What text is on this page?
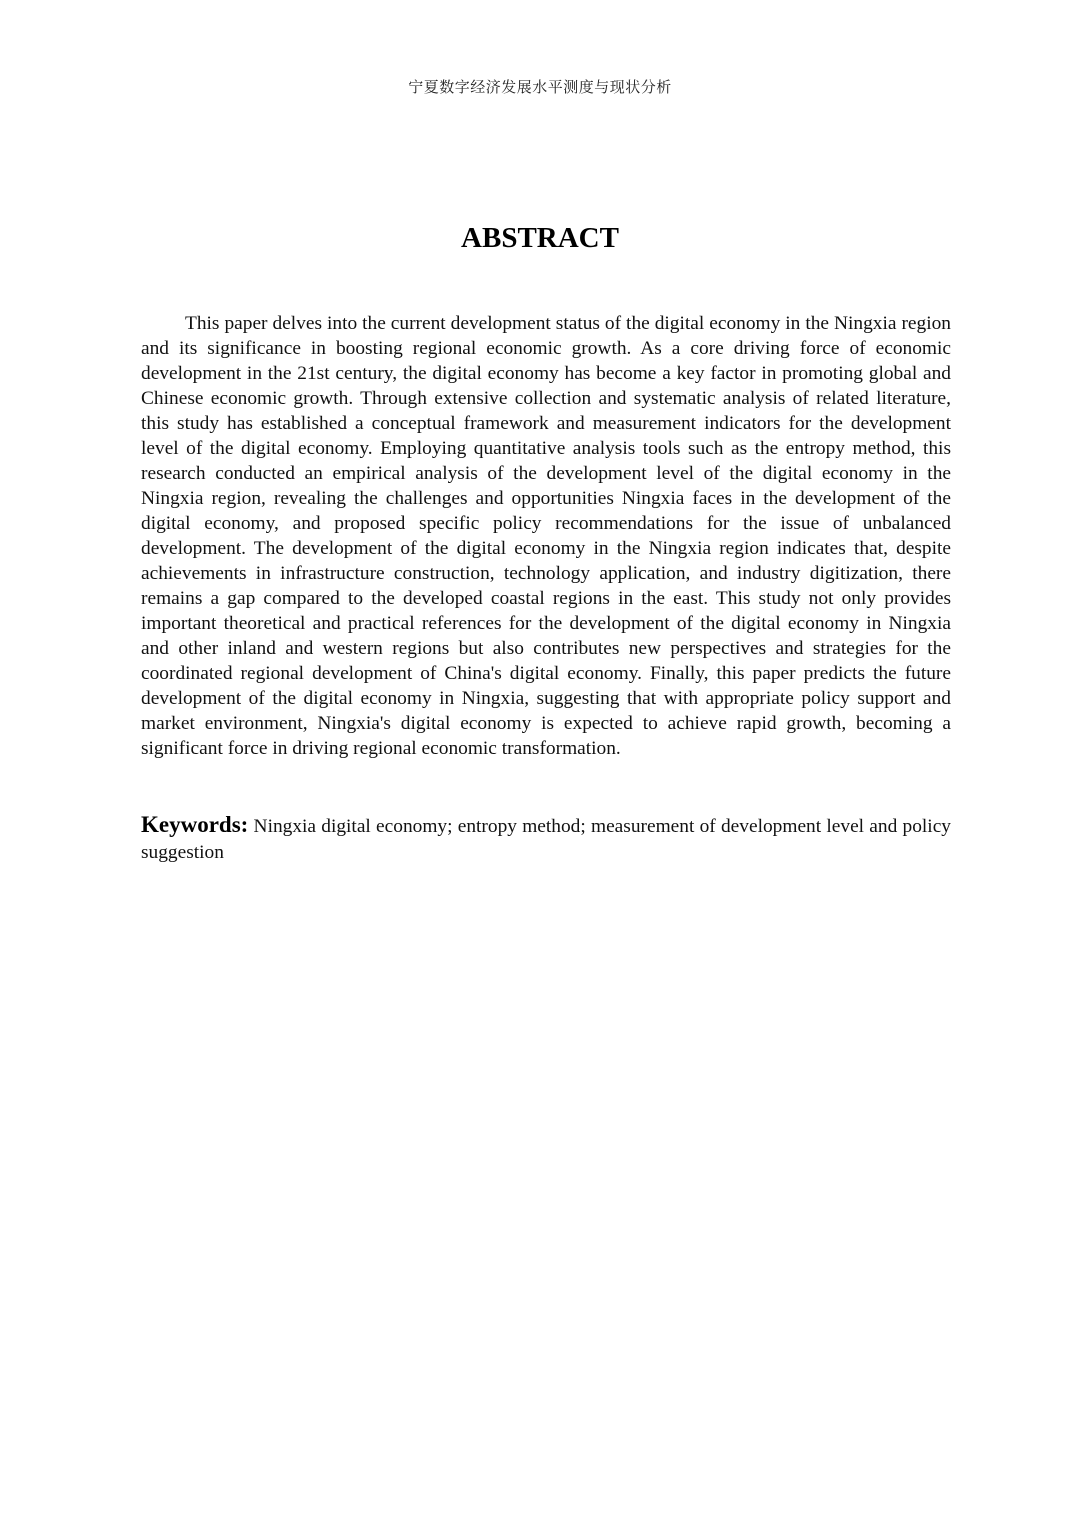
宁夏数字经济发展水平测度与现状分析
ABSTRACT

This paper delves into the current development status of the digital economy in the Ningxia region and its significance in boosting regional economic growth. As a core driving force of economic development in the 21st century, the digital economy has become a key factor in promoting global and Chinese economic growth. Through extensive collection and systematic analysis of related literature, this study has established a conceptual framework and measurement indicators for the development level of the digital economy. Employing quantitative analysis tools such as the entropy method, this research conducted an empirical analysis of the development level of the digital economy in the Ningxia region, revealing the challenges and opportunities Ningxia faces in the development of the digital economy, and proposed specific policy recommendations for the issue of unbalanced development. The development of the digital economy in the Ningxia region indicates that, despite achievements in infrastructure construction, technology application, and industry digitization, there remains a gap compared to the developed coastal regions in the east. This study not only provides important theoretical and practical references for the development of the digital economy in Ningxia and other inland and western regions but also contributes new perspectives and strategies for the coordinated regional development of China's digital economy. Finally, this paper predicts the future development of the digital economy in Ningxia, suggesting that with appropriate policy support and market environment, Ningxia's digital economy is expected to achieve rapid growth, becoming a significant force in driving regional economic transformation.

Keywords: Ningxia digital economy; entropy method; measurement of development level and policy suggestion
